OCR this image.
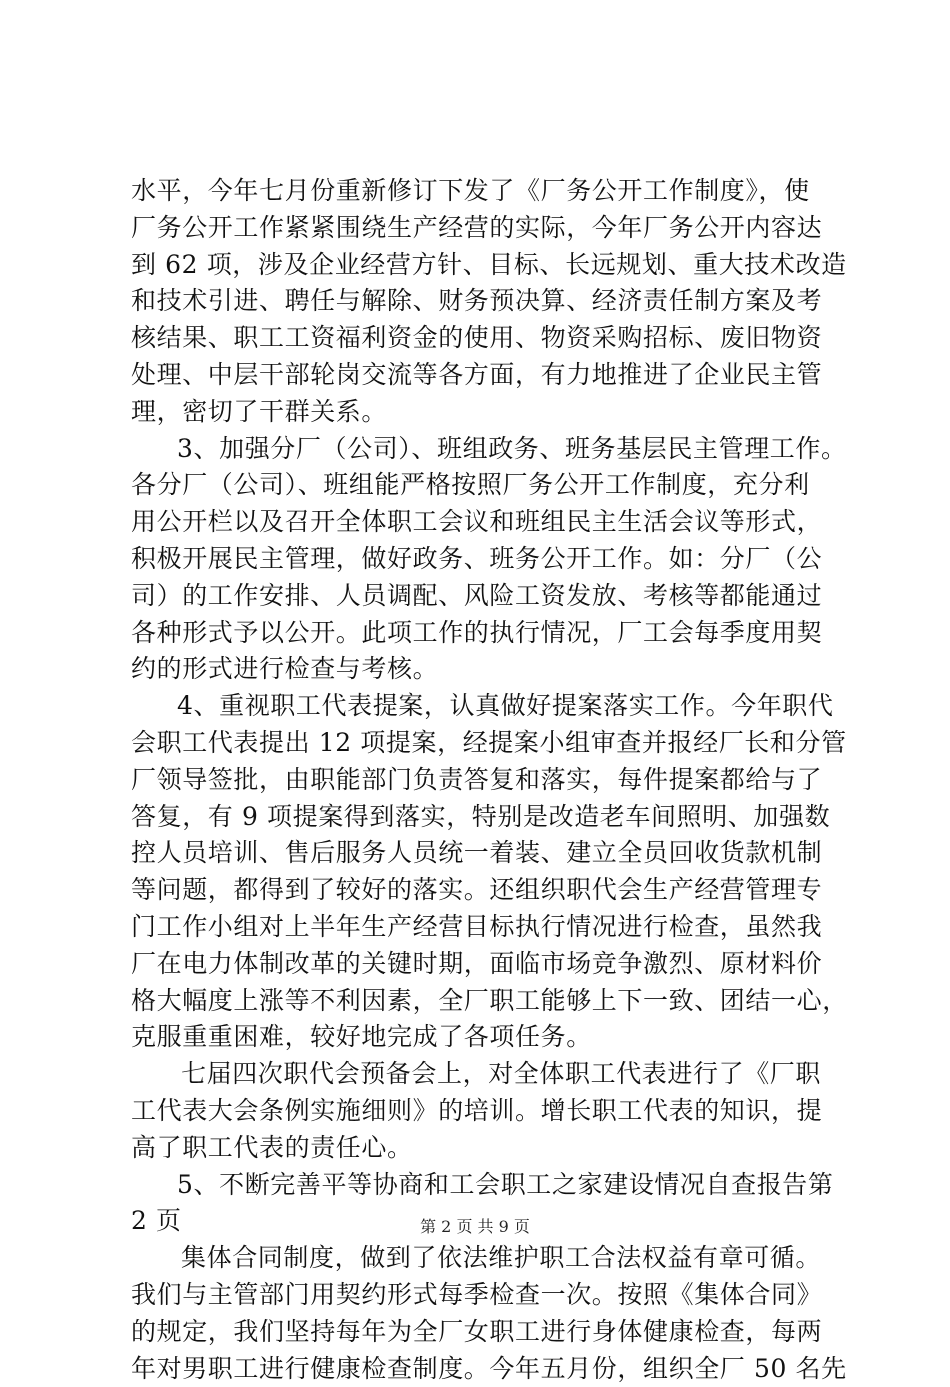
水平，今年七月份重新修订下发了《厂务公开工作制度》，使
厂务公开工作紧紧围绕生产经营的实际，今年厂务公开内容达
到 62 项，涉及企业经营方针、目标、长远规划、重大技术改造
和技术引进、聘任与解除、财务预决算、经济责任制方案及考
核结果、职工工资福利资金的使用、物资采购招标、废旧物资
处理、中层干部轮岗交流等各方面，有力地推进了企业民主管
理，密切了干群关系。
3、加强分厂（公司）、班组政务、班务基层民主管理工作。
各分厂（公司）、班组能严格按照厂务公开工作制度，充分利
用公开栏以及召开全体职工会议和班组民主生活会议等形式，
积极开展民主管理，做好政务、班务公开工作。如：分厂（公
司）的工作安排、人员调配、风险工资发放、考核等都能通过
各种形式予以公开。此项工作的执行情况，厂工会每季度用契
约的形式进行检查与考核。
4、重视职工代表提案，认真做好提案落实工作。今年职代
会职工代表提出 12 项提案，经提案小组审查并报经厂长和分管
厂领导签批，由职能部门负责答复和落实，每件提案都给与了
答复，有 9 项提案得到落实，特别是改造老车间照明、加强数
控人员培训、售后服务人员统一着装、建立全员回收货款机制
等问题，都得到了较好的落实。还组织职代会生产经营管理专
门工作小组对上半年生产经营目标执行情况进行检查，虽然我
厂在电力体制改革的关键时期，面临市场竞争激烈、原材料价
格大幅度上涨等不利因素，全厂职工能够上下一致、团结一心，
克服重重困难，较好地完成了各项任务。
七届四次职代会预备会上，对全体职工代表进行了《厂职
工代表大会条例实施细则》的培训。增长职工代表的知识，提
高了职工代表的责任心。
5、不断完善平等协商和工会职工之家建设情况自查报告第
2 页
集体合同制度，做到了依法维护职工合法权益有章可循。
我们与主管部门用契约形式每季检查一次。按照《集体合同》
的规定，我们坚持每年为全厂女职工进行身体健康检查，每两
年对男职工进行健康检查制度。今年五月份，组织全厂 50 名先
第 2 页 共 9 页
